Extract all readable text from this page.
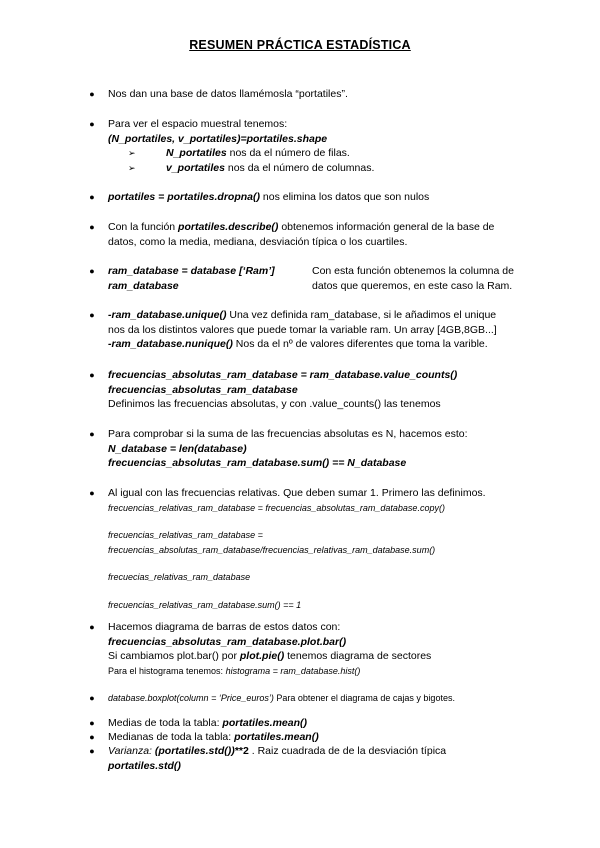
RESUMEN PRÁCTICA ESTADÍSTICA
● Nos dan una base de datos llamémosla “portatiles”.
● Para ver el espacio muestral tenemos:
(N_portatiles, v_portatiles)=portatiles.shape
➢	N_portatiles nos da el número de filas.
➢	v_portatiles nos da el número de columnas.
● portatiles = portatiles.dropna() nos elimina los datos que son nulos
● Con la función portatiles.describe() obtenemos información general de la base de
datos, como la media, mediana, desviación típica o los cuartiles.
● ram_database = database [‘Ram’]
ram_database
Con esta función obtenemos la columna de
datos que queremos, en este caso la Ram.
● -ram_database.unique() Una vez definida ram_database, si le añadimos el unique
nos da los distintos valores que puede tomar la variable ram. Un array [4GB,8GB...]
-ram_database.nunique() Nos da el nº de valores diferentes que toma la varible.
● frecuencias_absolutas_ram_database = ram_database.value_counts()
frecuencias_absolutas_ram_database
Definimos las frecuencias absolutas, y con .value_counts() las tenemos
● Para comprobar si la suma de las frecuencias absolutas es N, hacemos esto:
N_database = len(database)
frecuencias_absolutas_ram_database.sum() == N_database
● Al igual con las frecuencias relativas. Que deben sumar 1. Primero las definimos.
frecuencias_relativas_ram_database = frecuencias_absolutas_ram_database.copy()
frecuencias_relativas_ram_database =
frecuencias_absolutas_ram_database/frecuencias_relativas_ram_database.sum()
frecuecias_relativas_ram_database
frecuencias_relativas_ram_database.sum() == 1
● Hacemos diagrama de barras de estos datos con:
frecuencias_absolutas_ram_database.plot.bar()
Si cambiamos plot.bar() por plot.pie() tenemos diagrama de sectores
Para el histograma tenemos: histograma = ram_database.hist()
● database.boxplot(column = ‘Price_euros’) Para obtener el diagrama de cajas y bigotes.
● Medias de toda la tabla: portatiles.mean()
● Medianas de toda la tabla: portatiles.mean()
● Varianza: (portatiles.std())**2 . Raiz cuadrada de de la desviación típica
portatiles.std()
